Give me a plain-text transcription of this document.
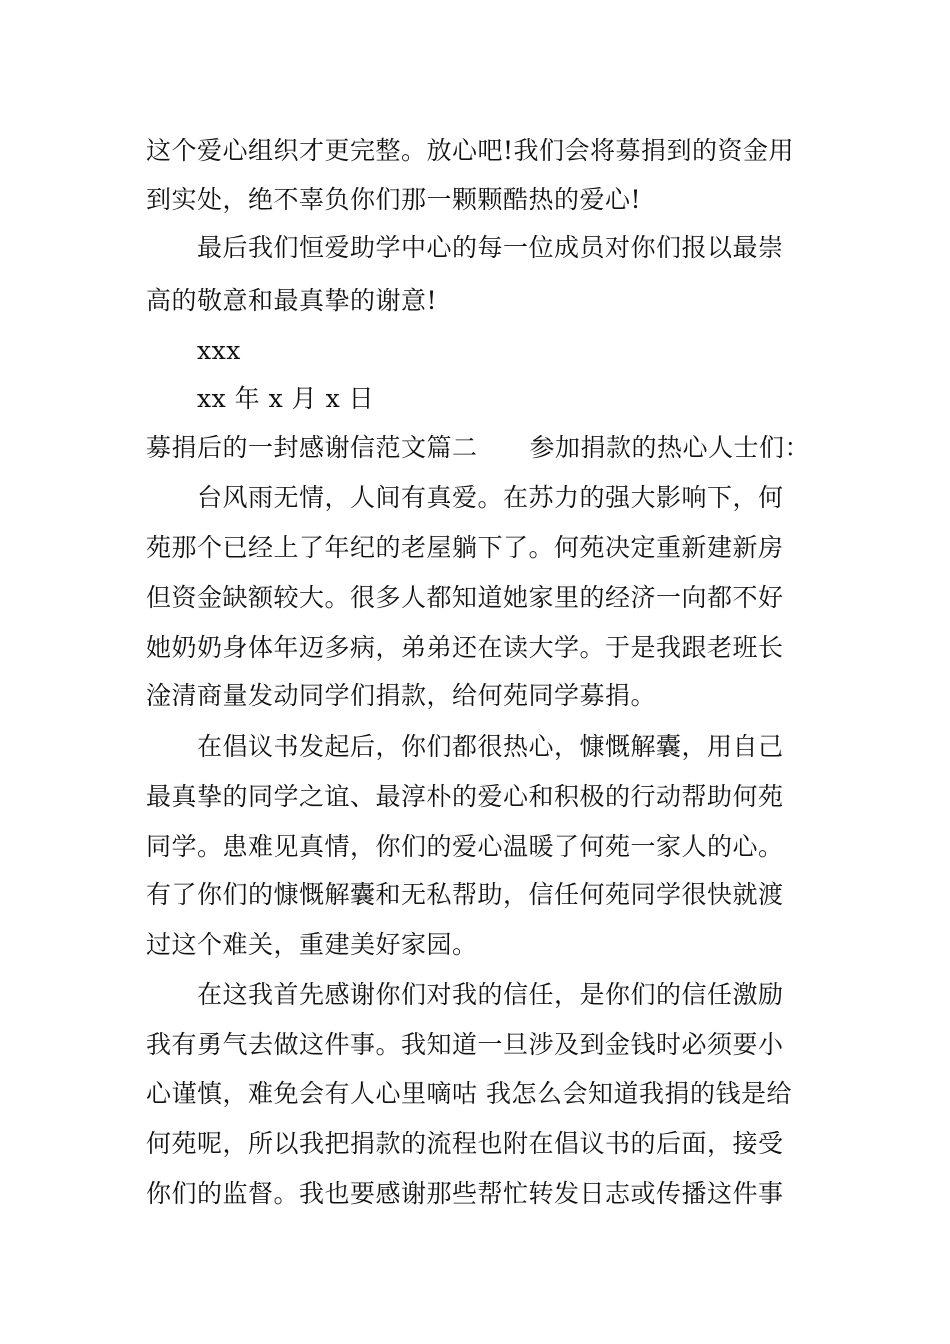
这个爱心组织才更完整。放心吧!我们会将募捐到的资金用
到实处，绝不辜负你们那一颗颗酷热的爱心!
最后我们恒爱助学中心的每一位成员对你们报以最崇
高的敬意和最真挚的谢意!
xxx
xx 年 x 月 x 日
募捐后的一封感谢信范文篇二 参加捐款的热心人士们：
台风雨无情，人间有真爱。在苏力的强大影响下，何
苑那个已经上了年纪的老屋躺下了。何苑决定重新建新房
但资金缺额较大。很多人都知道她家里的经济一向都不好
她奶奶身体年迈多病，弟弟还在读大学。于是我跟老班长
淦清商量发动同学们捐款，给何苑同学募捐。
在倡议书发起后，你们都很热心，慷慨解囊，用自己
最真挚的同学之谊、最淳朴的爱心和积极的行动帮助何苑
同学。患难见真情，你们的爱心温暖了何苑一家人的心。
有了你们的慷慨解囊和无私帮助，信任何苑同学很快就渡
过这个难关，重建美好家园。
在这我首先感谢你们对我的信任，是你们的信任激励
我有勇气去做这件事。我知道一旦涉及到金钱时必须要小
心谨慎，难免会有人心里嘀咕 我怎么会知道我捐的钱是给
何苑呢，所以我把捐款的流程也附在倡议书的后面，接受
你们的监督。我也要感谢那些帮忙转发日志或传播这件事
